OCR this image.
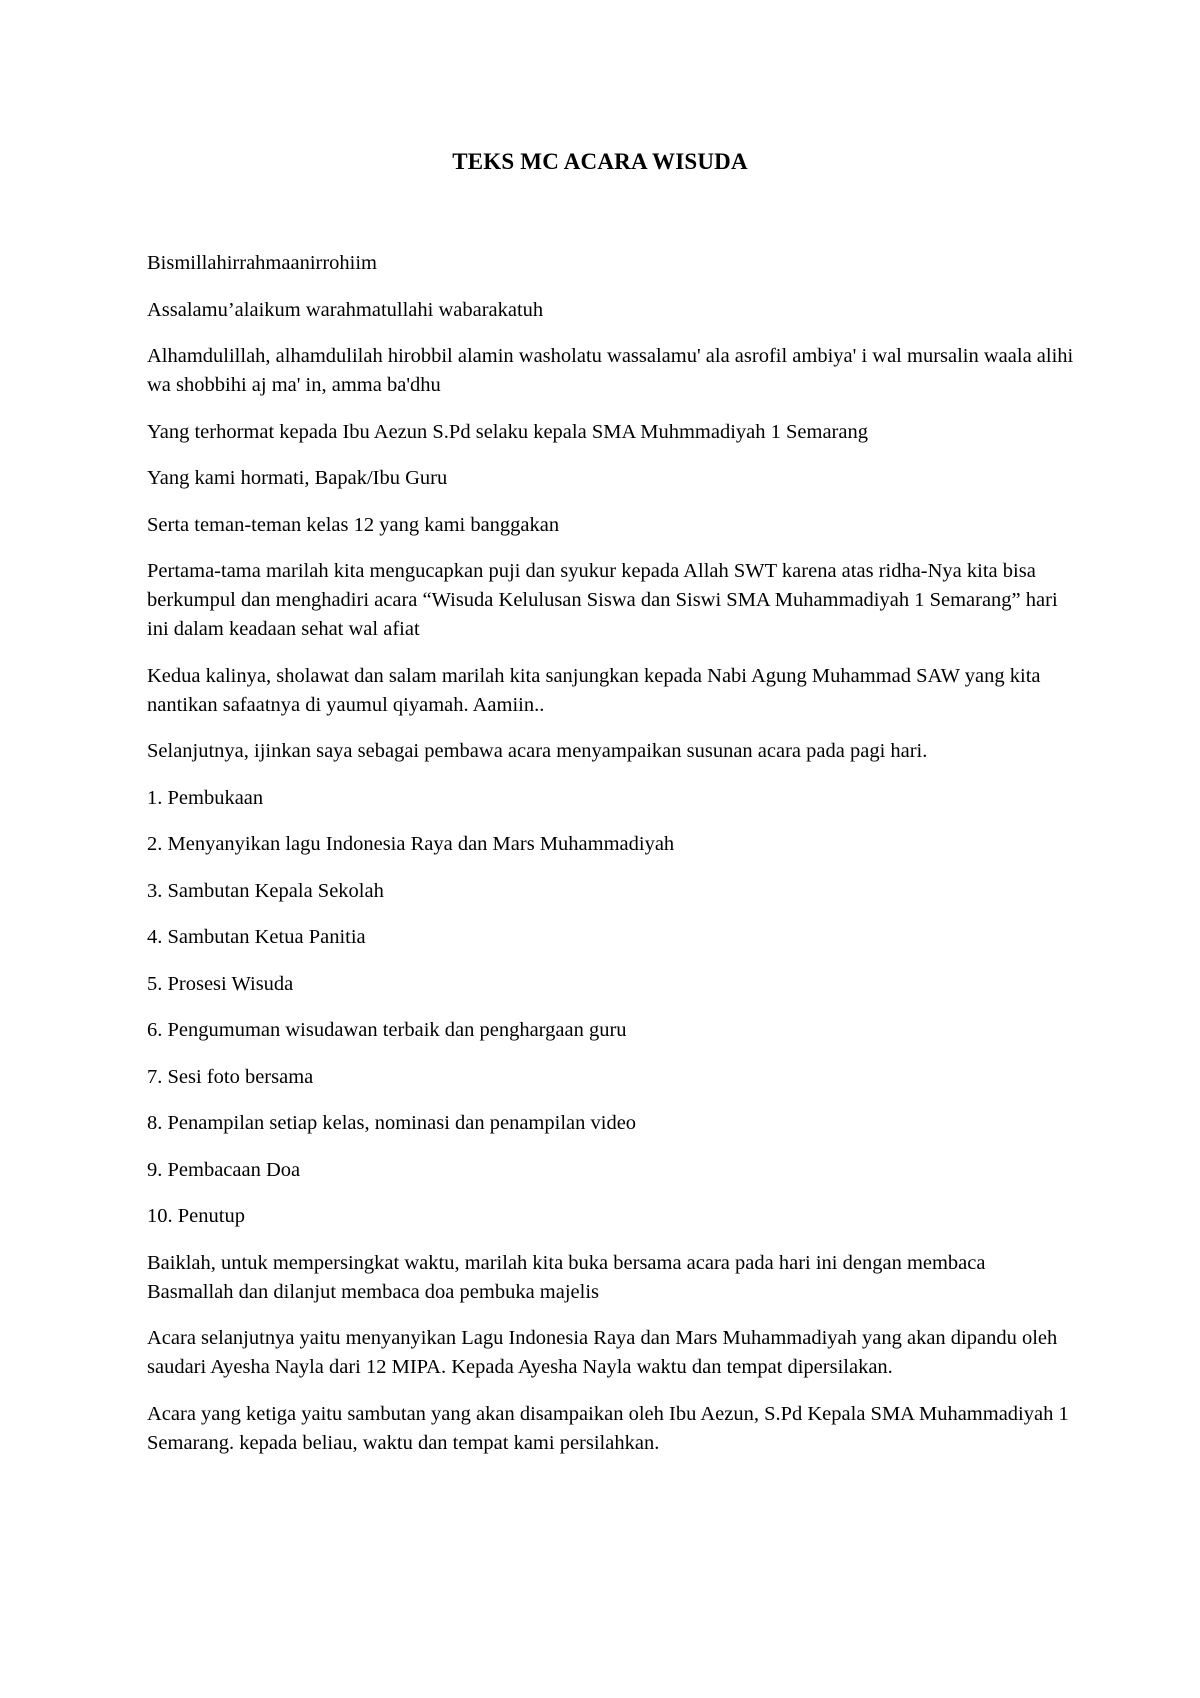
TEKS MC ACARA WISUDA

Bismillahirrahmaanirrohiim

Assalamu’alaikum warahmatullahi wabarakatuh

Alhamdulillah, alhamdulilah hirobbil alamin washolatu wassalamu' ala asrofil ambiya' i wal mursalin waala alihi wa shobbihi aj ma' in, amma ba'dhu

Yang terhormat kepada Ibu Aezun S.Pd selaku kepala SMA Muhmmadiyah 1 Semarang

Yang kami hormati, Bapak/Ibu Guru

Serta teman-teman kelas 12 yang kami banggakan

Pertama-tama marilah kita mengucapkan puji dan syukur kepada Allah SWT karena atas ridha-Nya kita bisa berkumpul dan menghadiri acara “Wisuda Kelulusan Siswa dan Siswi SMA Muhammadiyah 1 Semarang” hari ini dalam keadaan sehat wal afiat

Kedua kalinya, sholawat dan salam marilah kita sanjungkan kepada Nabi Agung Muhammad SAW yang kita nantikan safaatnya di yaumul qiyamah. Aamiin..

Selanjutnya, ijinkan saya sebagai pembawa acara menyampaikan susunan acara pada pagi hari.

1. Pembukaan

2. Menyanyikan lagu Indonesia Raya dan Mars Muhammadiyah

3. Sambutan Kepala Sekolah

4. Sambutan Ketua Panitia

5. Prosesi Wisuda

6. Pengumuman wisudawan terbaik dan penghargaan guru

7. Sesi foto bersama

8. Penampilan setiap kelas, nominasi dan penampilan video

9. Pembacaan Doa

10. Penutup

Baiklah, untuk mempersingkat waktu, marilah kita buka bersama acara pada hari ini dengan membaca Basmallah dan dilanjut membaca doa pembuka majelis

Acara selanjutnya yaitu menyanyikan Lagu Indonesia Raya dan Mars Muhammadiyah yang akan dipandu oleh saudari Ayesha Nayla dari 12 MIPA. Kepada Ayesha Nayla waktu dan tempat dipersilakan.

Acara yang ketiga yaitu sambutan yang akan disampaikan oleh Ibu Aezun, S.Pd Kepala SMA Muhammadiyah 1 Semarang. kepada beliau, waktu dan tempat kami persilahkan.
